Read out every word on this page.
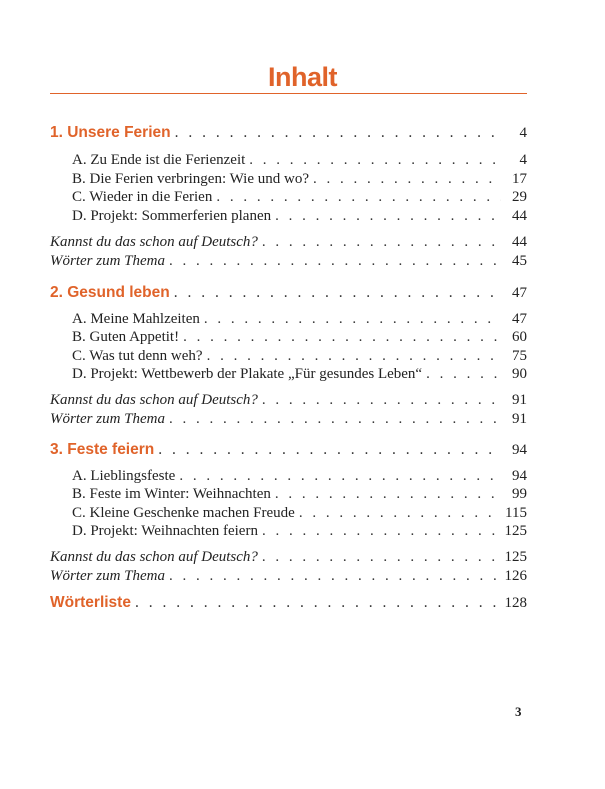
Inhalt
1. Unsere Ferien . . .	4
A. Zu Ende ist die Ferienzeit . . .	4
B. Die Ferien verbringen: Wie und wo? . . .	17
C. Wieder in die Ferien . . .	29
D. Projekt: Sommerferien planen . . .	44
Kannst du das schon auf Deutsch? . . .	44
Wörter zum Thema . . .	45
2. Gesund leben . . .	47
A. Meine Mahlzeiten . . .	47
B. Guten Appetit! . . .	60
C. Was tut denn weh? . . .	75
D. Projekt: Wettbewerb der Plakate „Für gesundes Leben“ . . .	90
Kannst du das schon auf Deutsch? . . .	91
Wörter zum Thema . . .	91
3. Feste feiern . . .	94
A. Lieblingsfeste . . .	94
B. Feste im Winter: Weihnachten . . .	99
C. Kleine Geschenke machen Freude . . .	115
D. Projekt: Weihnachten feiern . . .	125
Kannst du das schon auf Deutsch? . . .	125
Wörter zum Thema . . .	126
Wörterliste . . .	128
3
